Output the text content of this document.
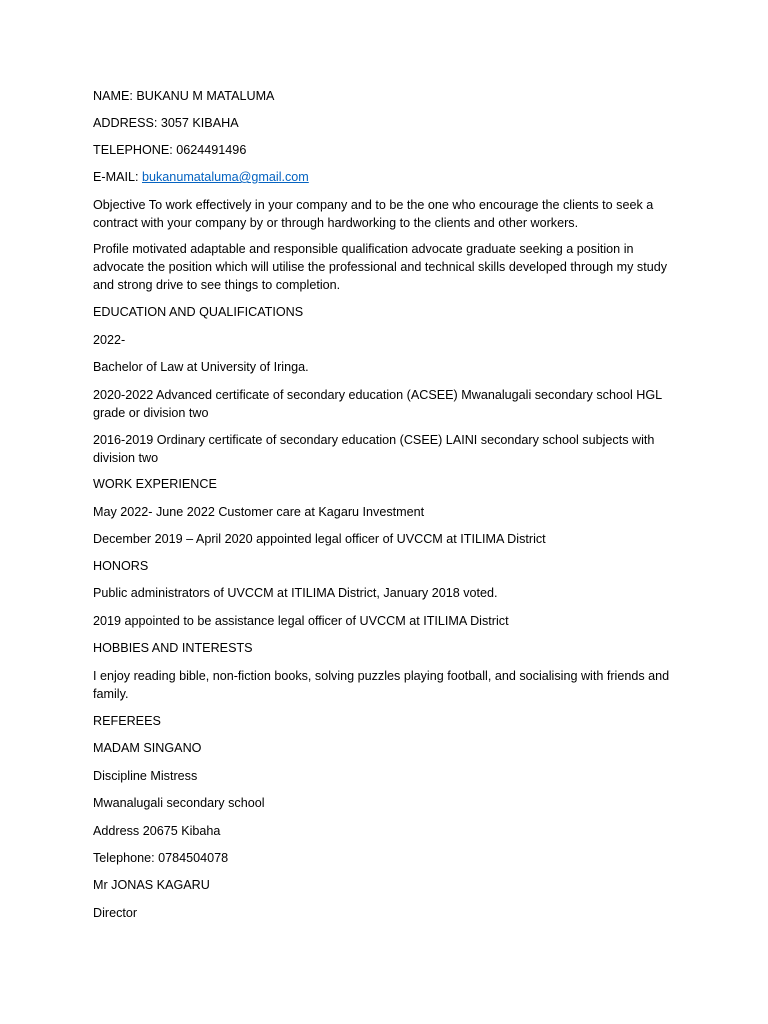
NAME: BUKANU M MATALUMA

ADDRESS: 3057 KIBAHA

TELEPHONE: 0624491496

E-MAIL: bukanumataluma@gmail.com

Objective To work effectively in your company and to be the one who encourage the clients to seek a contract with your company by or through hardworking to the clients and other workers.

Profile motivated adaptable and responsible qualification advocate graduate seeking a position in advocate the position which will utilise the professional and technical skills developed through my study and strong drive to see things to completion.

EDUCATION AND QUALIFICATIONS

2022-

Bachelor of Law at University of Iringa.

2020-2022 Advanced certificate of secondary education (ACSEE) Mwanalugali secondary school HGL grade or division two

2016-2019 Ordinary certificate of secondary education (CSEE) LAINI secondary school subjects with division two

WORK EXPERIENCE

May 2022- June 2022 Customer care at Kagaru Investment

December 2019 – April 2020 appointed legal officer of UVCCM at ITILIMA District

HONORS

Public administrators of UVCCM at ITILIMA District, January 2018 voted.

2019 appointed to be assistance legal officer of UVCCM at ITILIMA District

HOBBIES AND INTERESTS

I enjoy reading bible, non-fiction books, solving puzzles playing football, and socialising with friends and family.

REFEREES

MADAM SINGANO

Discipline Mistress

Mwanalugali secondary school

Address 20675 Kibaha

Telephone: 0784504078

Mr JONAS KAGARU

Director
